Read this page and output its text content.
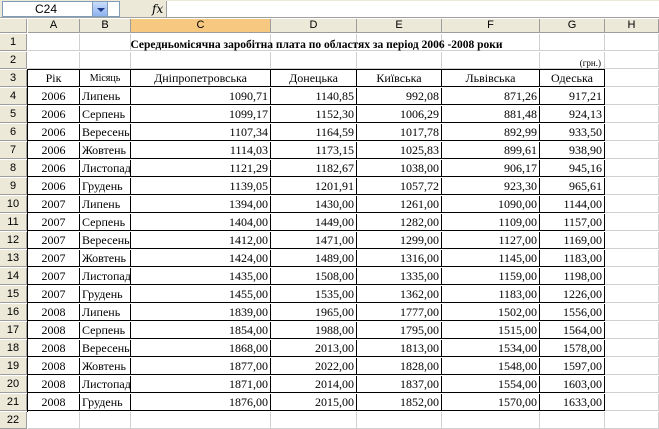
C24	fx
A	B	C	D	E	F	G	H
1
2
3
4
5
6
7
8
9
10
11
12
13
14
15
16
17
18
19
20
21
22
Рік	Місяць	Дніпропетровська	Донецька	Київська	Львівська	Одеська
2006	Липень	1090,71	1140,85	992,08	871,26	917,21
2006	Серпень	1099,17	1152,30	1006,29	881,48	924,13
2006	Вересень	1107,34	1164,59	1017,78	892,99	933,50
2006	Жовтень	1114,03	1173,15	1025,83	899,61	938,90
2006	Листопад	1121,29	1182,67	1038,00	906,17	945,16
2006	Грудень	1139,05	1201,91	1057,72	923,30	965,61
2007	Липень	1394,00	1430,00	1261,00	1090,00	1144,00
2007	Серпень	1404,00	1449,00	1282,00	1109,00	1157,00
2007	Вересень	1412,00	1471,00	1299,00	1127,00	1169,00
2007	Жовтень	1424,00	1489,00	1316,00	1145,00	1183,00
2007	Листопад	1435,00	1508,00	1335,00	1159,00	1198,00
2007	Грудень	1455,00	1535,00	1362,00	1183,00	1226,00
2008	Липень	1839,00	1965,00	1777,00	1502,00	1556,00
2008	Серпень	1854,00	1988,00	1795,00	1515,00	1564,00
2008	Вересень	1868,00	2013,00	1813,00	1534,00	1578,00
2008	Жовтень	1877,00	2022,00	1828,00	1548,00	1597,00
2008	Листопад	1871,00	2014,00	1837,00	1554,00	1603,00
2008	Грудень	1876,00	2015,00	1852,00	1570,00	1633,00
Середньомісячна заробітна плата по областях за період 2006 -2008 роки
(грн.)
